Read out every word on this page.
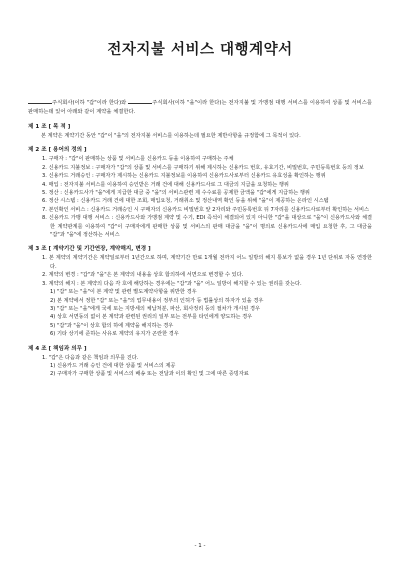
전자지불 서비스 대행계약서
주식회사(이하 "갑"이라 한다)와	주식회사(이하 "을"이라 한다)는 전자지불 및 가맹점 대행 서비스를 이용하여 상품 및 서비스를 판매하는데 있어 아래와 같이 계약을 체결한다.
제 1 조 [ 목 적 ]
본 계약은 계약기간 동안 "갑"이 "을"의 전자지불 서비스를 이용하는데 필요한 제반사항을 규정함에 그 목적이 있다.
제 2 조 [ 용어의 정의 ]
1. 구매자 : "갑"이 판매하는 상품 및 서비스를 신용카드 등을 이용하여 구매하는 주체
2. 신용카드 지불정보 : 구매자가 "갑"의 상품 및 서비스를 구매하기 위해 제시하는 신용카드 번호, 유효기간, 비밀번호, 주민등록번호 등의 정보
3. 신용카드 거래승인 : 구매자가 제시하는 신용카드 지불정보를 이용하여 신용카드사로부터 신용카드 유효성을 확인하는 행위
4. 매입 : 전자지불 서비스를 이용하여 승인받은 거래 건에 대해 신용카드사로 그 대금의 지급을 요청하는 행위
5. 정산 : 신용카드사가 "을"에게 지급한 대금 중 "을"의 서비스관련 제 수수료를 공제한 금액을 "갑"에게 지급하는 행위
6. 정산 시스템 : 신용카드 거래 건에 대한 조회, 매입요청, 거래취소 및 정산내역 확인 등을 위해 "을"이 제공하는 온라인 시스템
7. 본인확인 서비스 : 신용카드 거래승인 시 구매자의 신용카드 비밀번호 앞 2자리와 주민등록번호 뒤 7자리를 신용카드사로부터 확인하는 서비스
8. 신용카드 가맹 대행 서비스 : 신용카드사와 가맹점 계약 및 수기, EDI 즉석이 체결되어 있지 아니한 "갑"을 대상으로 "을"이 신용카드사와 체결한 계약관계를 이용하여 "갑"이 구매자에게 판매한 상품 및 서비스의 판매 대금을 "을"이 명의로 신용카드사에 매입 요청한 후, 그 대금을 "갑"과 "을"에 정산하는 서비스
제 3 조 [ 계약기간 및 기간연장, 계약해지, 변경 ]
1. 본 계약의 계약기간은 계약일로부터 1년간으로 하며, 계약기간 만료 1개월 전까지 어느 일방의 해지 통보가 없을 경우 1년 단위로 자동 연장한다.
2. 계약의 변경 : "갑"과 "을"은 본 계약의 내용을 상호 합의하에 서면으로 변경할 수 있다.
3. 계약의 해지 : 본 계약의 다음 각 호에 해당하는 경우에는 "갑"과 "을" 어느 일방이 해지할 수 있는 권리를 갖는다.
1) "갑" 또는 "을"이 본 계약 및 관련 별도계약사항을 위반한 경우
2) 본 계약에서 정한 "갑" 또는 "을"의 업무내용이 정부의 인허가 등 법률상의 하자가 있을 경우
3) "갑" 또는 "을"에게 국세 또는 지방세의 체납처분, 파산, 회사정리 등의 절차가 개시된 경우
4) 상호 서면동의 없이 본 계약과 관련된 권리의 일부 또는 전부를 타인에게 양도하는 경우
5) "갑"과 "을"이 상호 합의 하에 계약을 해지하는 경우
6) 기타 상기에 준하는 사유로 계약의 유지가 곤란한 경우
제 4 조 [ 책임과 의무 ]
1. "갑"은 다음과 같은 책임과 의무를 진다.
1) 신용카드 거래 승인 건에 대한 상품 및 서비스의 제공
2) 구매자가 구매한 상품 및 서비스의 배송 또는 전달과 이의 확인 및 그에 따른 증빙자료
- 1 -
